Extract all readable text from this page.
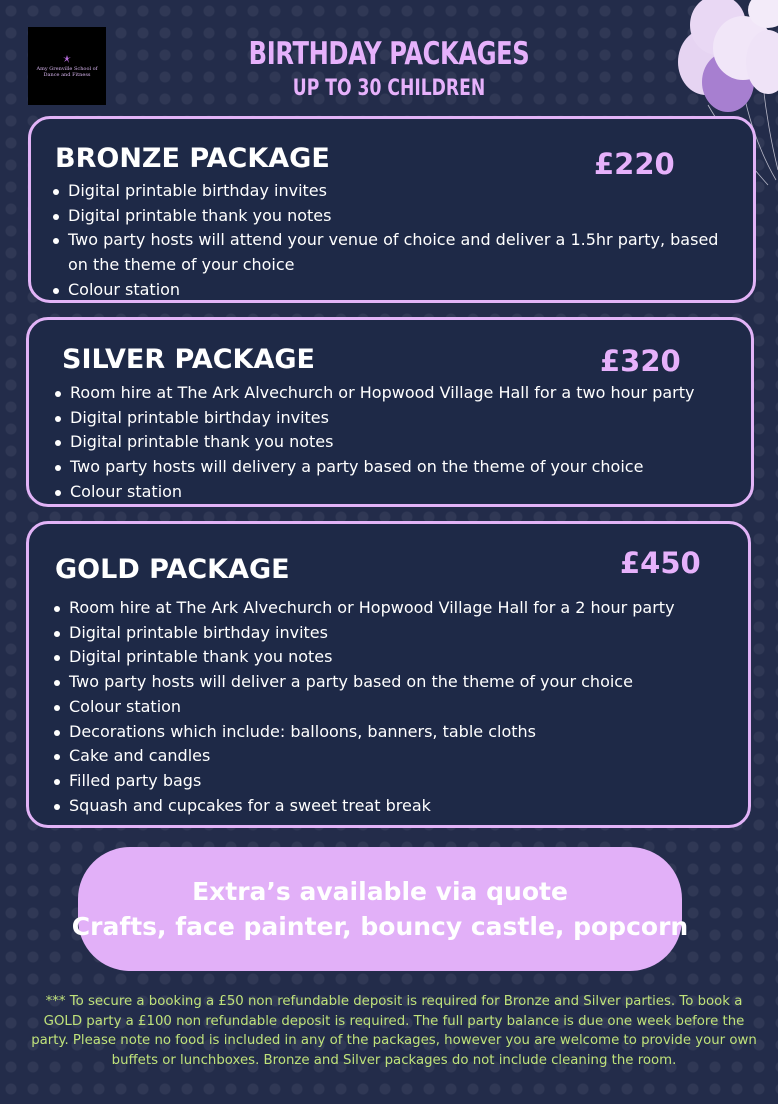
Amy Grenville School of Dance and Fitness
BIRTHDAY PACKAGES
UP TO 30 CHILDREN
BRONZE PACKAGE	£220
Digital printable birthday invites
Digital printable thank you notes
Two party hosts will attend your venue of choice and deliver a 1.5hr party, based on the theme of your choice
Colour station
SILVER PACKAGE	£320
Room hire at The Ark Alvechurch or Hopwood Village Hall for a two hour party
Digital printable birthday invites
Digital printable thank you notes
Two party hosts will delivery a party based on the theme of your choice
Colour station
GOLD PACKAGE	£450
Room hire at The Ark Alvechurch or Hopwood Village Hall for a 2 hour party
Digital printable birthday invites
Digital printable thank you notes
Two party hosts will deliver a party based on the theme of your choice
Colour station
Decorations which include: balloons, banners, table cloths
Cake and candles
Filled party bags
Squash and cupcakes for a sweet treat break
Extra’s available via quote
Crafts, face painter, bouncy castle, popcorn
*** To secure a booking a £50 non refundable deposit is required for Bronze and Silver parties. To book a GOLD party a £100 non refundable deposit is required. The full party balance is due one week before the party. Please note no food is included in any of the packages, however you are welcome to provide your own buffets or lunchboxes. Bronze and Silver packages do not include cleaning the room.
